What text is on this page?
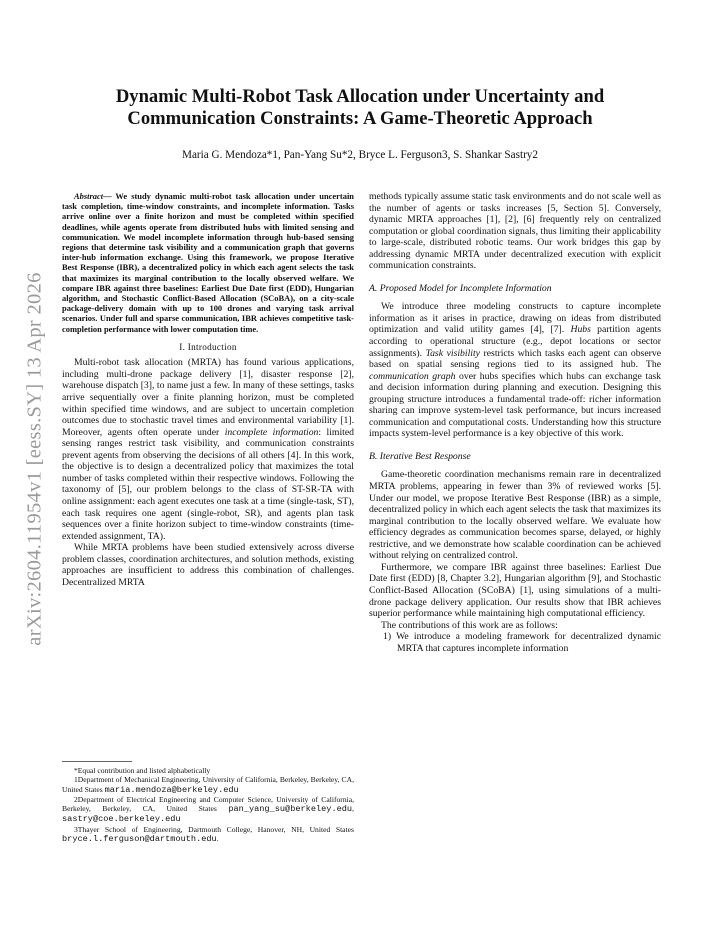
arXiv:2604.11954v1 [eess.SY] 13 Apr 2026
Dynamic Multi-Robot Task Allocation under Uncertainty and
Communication Constraints: A Game-Theoretic Approach
Maria G. Mendoza*1, Pan-Yang Su*2, Bryce L. Ferguson3, S. Shankar Sastry2

Abstract— We study dynamic multi-robot task allocation under uncertain task completion, time-window constraints, and incomplete information. Tasks arrive online over a finite horizon and must be completed within specified deadlines, while agents operate from distributed hubs with limited sensing and communication. We model incomplete information through hub-based sensing regions that determine task visibility and a communication graph that governs inter-hub information exchange. Using this framework, we propose Iterative Best Response (IBR), a decentralized policy in which each agent selects the task that maximizes its marginal contribution to the locally observed welfare. We compare IBR against three baselines: Earliest Due Date first (EDD), Hungarian algorithm, and Stochastic Conflict-Based Allocation (SCoBA), on a city-scale package-delivery domain with up to 100 drones and varying task arrival scenarios. Under full and sparse communication, IBR achieves competitive task-completion performance with lower computation time.

I. Introduction

Multi-robot task allocation (MRTA) has found various applications, including multi-drone package delivery [1], disaster response [2], warehouse dispatch [3], to name just a few. In many of these settings, tasks arrive sequentially over a finite planning horizon, must be completed within specified time windows, and are subject to uncertain completion outcomes due to stochastic travel times and environmental variability [1]. Moreover, agents often operate under incomplete information: limited sensing ranges restrict task visibility, and communication constraints prevent agents from observing the decisions of all others [4]. In this work, the objective is to design a decentralized policy that maximizes the total number of tasks completed within their respective windows. Following the taxonomy of [5], our problem belongs to the class of ST-SR-TA with online assignment: each agent executes one task at a time (single-task, ST), each task requires one agent (single-robot, SR), and agents plan task sequences over a finite horizon subject to time-window constraints (time-extended assignment, TA).

While MRTA problems have been studied extensively across diverse problem classes, coordination architectures, and solution methods, existing approaches are insufficient to address this combination of challenges. Decentralized MRTA

*Equal contribution and listed alphabetically

1Department of Mechanical Engineering, University of California, Berkeley, Berkeley, CA, United States maria.mendoza@berkeley.edu

2Department of Electrical Engineering and Computer Science, University of California, Berkeley, Berkeley, CA, United States pan_yang_su@berkeley.edu, sastry@coe.berkeley.edu

3Thayer School of Engineering, Dartmouth College, Hanover, NH, United States bryce.l.ferguson@dartmouth.edu.

methods typically assume static task environments and do not scale well as the number of agents or tasks increases [5, Section 5]. Conversely, dynamic MRTA approaches [1], [2], [6] frequently rely on centralized computation or global coordination signals, thus limiting their applicability to large-scale, distributed robotic teams. Our work bridges this gap by addressing dynamic MRTA under decentralized execution with explicit communication constraints.

A. Proposed Model for Incomplete Information

We introduce three modeling constructs to capture incomplete information as it arises in practice, drawing on ideas from distributed optimization and valid utility games [4], [7]. Hubs partition agents according to operational structure (e.g., depot locations or sector assignments). Task visibility restricts which tasks each agent can observe based on spatial sensing regions tied to its assigned hub. The communication graph over hubs specifies which hubs can exchange task and decision information during planning and execution. Designing this grouping structure introduces a fundamental trade-off: richer information sharing can improve system-level task performance, but incurs increased communication and computational costs. Understanding how this structure impacts system-level performance is a key objective of this work.

B. Iterative Best Response

Game-theoretic coordination mechanisms remain rare in decentralized MRTA problems, appearing in fewer than 3% of reviewed works [5]. Under our model, we propose Iterative Best Response (IBR) as a simple, decentralized policy in which each agent selects the task that maximizes its marginal contribution to the locally observed welfare. We evaluate how efficiency degrades as communication becomes sparse, delayed, or highly restrictive, and we demonstrate how scalable coordination can be achieved without relying on centralized control.

Furthermore, we compare IBR against three baselines: Earliest Due Date first (EDD) [8, Chapter 3.2], Hungarian algorithm [9], and Stochastic Conflict-Based Allocation (SCoBA) [1], using simulations of a multi-drone package delivery application. Our results show that IBR achieves superior performance while maintaining high computational efficiency.

The contributions of this work are as follows:

1) We introduce a modeling framework for decentralized dynamic MRTA that captures incomplete information
